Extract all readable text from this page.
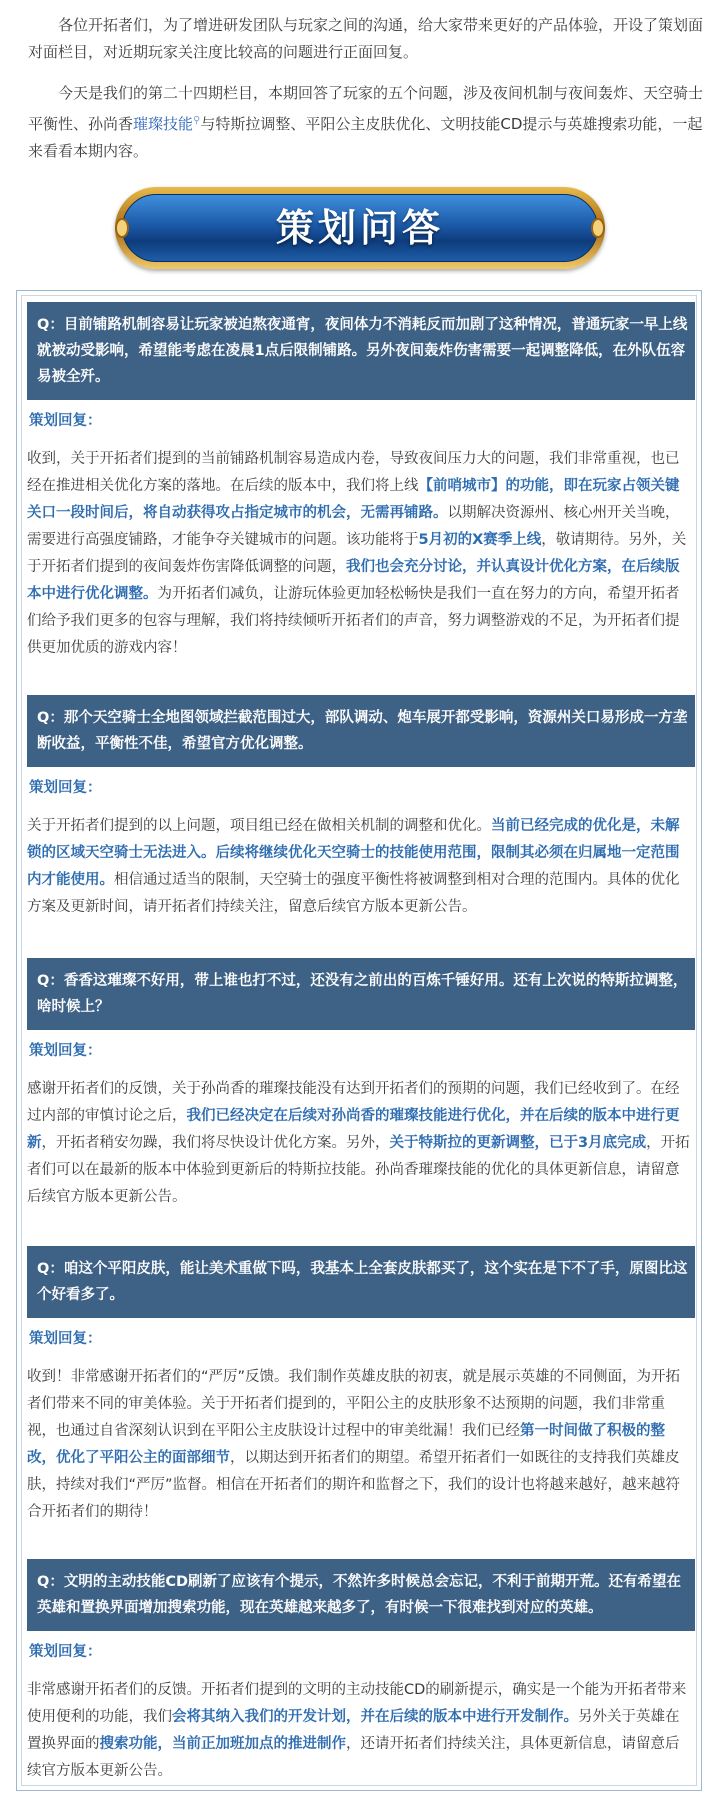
各位开拓者们，为了增进研发团队与玩家之间的沟通，给大家带来更好的产品体验，开设了策划面对面栏目，对近期玩家关注度比较高的问题进行正面回复。

今天是我们的第二十四期栏目，本期回答了玩家的五个问题，涉及夜间机制与夜间轰炸、天空骑士平衡性、孙尚香璀璨技能⚲与特斯拉调整、平阳公主皮肤优化、文明技能CD提示与英雄搜索功能，一起来看看本期内容。

策划问答
Q：目前铺路机制容易让玩家被迫熬夜通宵，夜间体力不消耗反而加剧了这种情况，普通玩家一早上线就被动受影响，希望能考虑在凌晨1点后限制铺路。另外夜间轰炸伤害需要一起调整降低，在外队伍容易被全歼。
策划回复：

收到，关于开拓者们提到的当前铺路机制容易造成内卷，导致夜间压力大的问题，我们非常重视，也已经在推进相关优化方案的落地。在后续的版本中，我们将上线【前哨城市】的功能，即在玩家占领关键关口一段时间后，将自动获得攻占指定城市的机会，无需再铺路。以期解决资源州、核心州开关当晚，需要进行高强度铺路，才能争夺关键城市的问题。该功能将于5月初的X赛季上线，敬请期待。另外，关于开拓者们提到的夜间轰炸伤害降低调整的问题，我们也会充分讨论，并认真设计优化方案，在后续版本中进行优化调整。为开拓者们减负，让游玩体验更加轻松畅快是我们一直在努力的方向，希望开拓者们给予我们更多的包容与理解，我们将持续倾听开拓者们的声音，努力调整游戏的不足，为开拓者们提供更加优质的游戏内容！

Q：那个天空骑士全地图领域拦截范围过大，部队调动、炮车展开都受影响，资源州关口易形成一方垄断收益，平衡性不佳，希望官方优化调整。
策划回复：

关于开拓者们提到的以上问题，项目组已经在做相关机制的调整和优化。当前已经完成的优化是，未解锁的区域天空骑士无法进入。后续将继续优化天空骑士的技能使用范围，限制其必须在归属地一定范围内才能使用。相信通过适当的限制，天空骑士的强度平衡性将被调整到相对合理的范围内。具体的优化方案及更新时间，请开拓者们持续关注，留意后续官方版本更新公告。

Q：香香这璀璨不好用，带上谁也打不过，还没有之前出的百炼千锤好用。还有上次说的特斯拉调整，啥时候上？
策划回复：

感谢开拓者们的反馈，关于孙尚香的璀璨技能没有达到开拓者们的预期的问题，我们已经收到了。在经过内部的审慎讨论之后，我们已经决定在后续对孙尚香的璀璨技能进行优化，并在后续的版本中进行更新，开拓者稍安勿躁，我们将尽快设计优化方案。另外，关于特斯拉的更新调整，已于3月底完成，开拓者们可以在最新的版本中体验到更新后的特斯拉技能。孙尚香璀璨技能的优化的具体更新信息，请留意后续官方版本更新公告。

Q：咱这个平阳皮肤，能让美术重做下吗，我基本上全套皮肤都买了，这个实在是下不了手，原图比这个好看多了。
策划回复：

收到！非常感谢开拓者们的“严厉”反馈。我们制作英雄皮肤的初衷，就是展示英雄的不同侧面，为开拓者们带来不同的审美体验。关于开拓者们提到的，平阳公主的皮肤形象不达预期的问题，我们非常重视，也通过自省深刻认识到在平阳公主皮肤设计过程中的审美纰漏！我们已经第一时间做了积极的整改，优化了平阳公主的面部细节，以期达到开拓者们的期望。希望开拓者们一如既往的支持我们英雄皮肤，持续对我们“严厉”监督。相信在开拓者们的期许和监督之下，我们的设计也将越来越好，越来越符合开拓者们的期待！

Q：文明的主动技能CD刷新了应该有个提示，不然许多时候总会忘记，不利于前期开荒。还有希望在英雄和置换界面增加搜索功能，现在英雄越来越多了，有时候一下很难找到对应的英雄。
策划回复：

非常感谢开拓者们的反馈。开拓者们提到的文明的主动技能CD的刷新提示，确实是一个能为开拓者带来使用便利的功能，我们会将其纳入我们的开发计划，并在后续的版本中进行开发制作。另外关于英雄在置换界面的搜索功能，当前正加班加点的推进制作，还请开拓者们持续关注，具体更新信息，请留意后续官方版本更新公告。
